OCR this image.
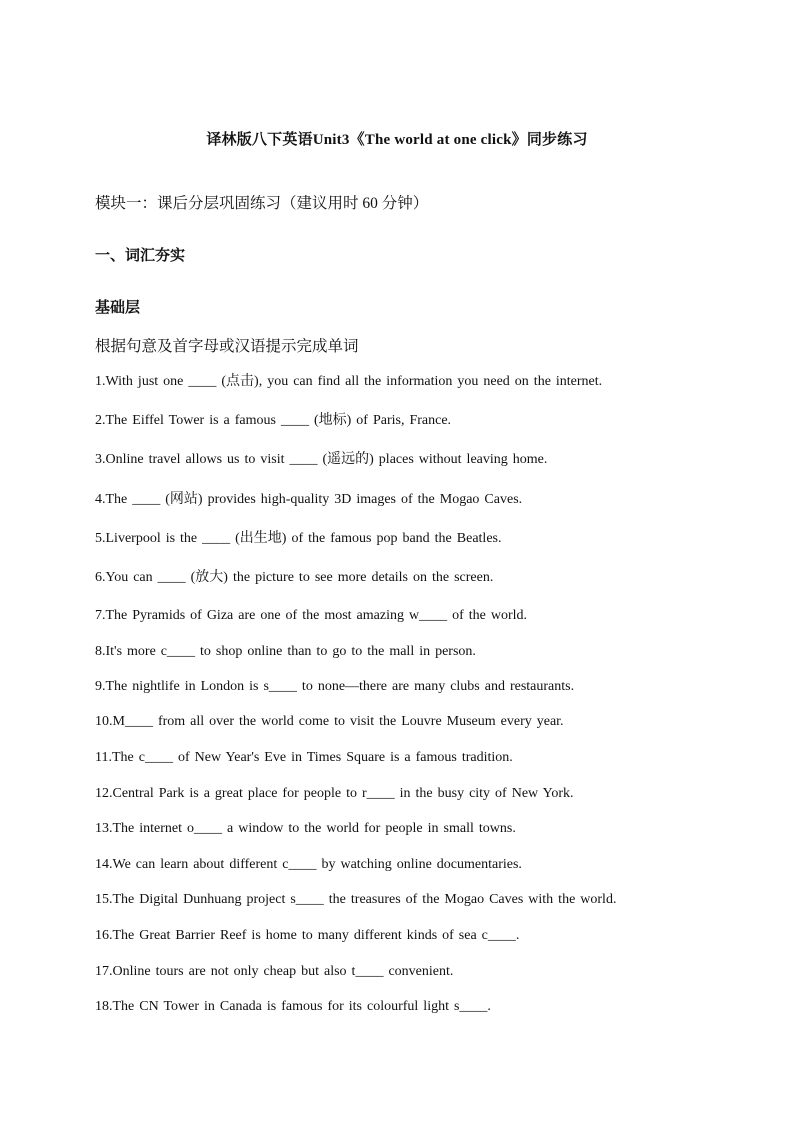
译林版八下英语Unit3《The world at one click》同步练习
模块一：课后分层巩固练习（建议用时 60 分钟）
一、词汇夯实
基础层
根据句意及首字母或汉语提示完成单词
1.With just one ____ (点击), you can find all the information you need on the internet.
2.The Eiffel Tower is a famous ____ (地标) of Paris, France.
3.Online travel allows us to visit ____ (遥远的) places without leaving home.
4.The ____ (网站) provides high-quality 3D images of the Mogao Caves.
5.Liverpool is the ____ (出生地) of the famous pop band the Beatles.
6.You can ____ (放大) the picture to see more details on the screen.
7.The Pyramids of Giza are one of the most amazing w____ of the world.
8.It's more c____ to shop online than to go to the mall in person.
9.The nightlife in London is s____ to none—there are many clubs and restaurants.
10.M____ from all over the world come to visit the Louvre Museum every year.
11.The c____ of New Year's Eve in Times Square is a famous tradition.
12.Central Park is a great place for people to r____ in the busy city of New York.
13.The internet o____ a window to the world for people in small towns.
14.We can learn about different c____ by watching online documentaries.
15.The Digital Dunhuang project s____ the treasures of the Mogao Caves with the world.
16.The Great Barrier Reef is home to many different kinds of sea c____.
17.Online tours are not only cheap but also t____ convenient.
18.The CN Tower in Canada is famous for its colourful light s____.
